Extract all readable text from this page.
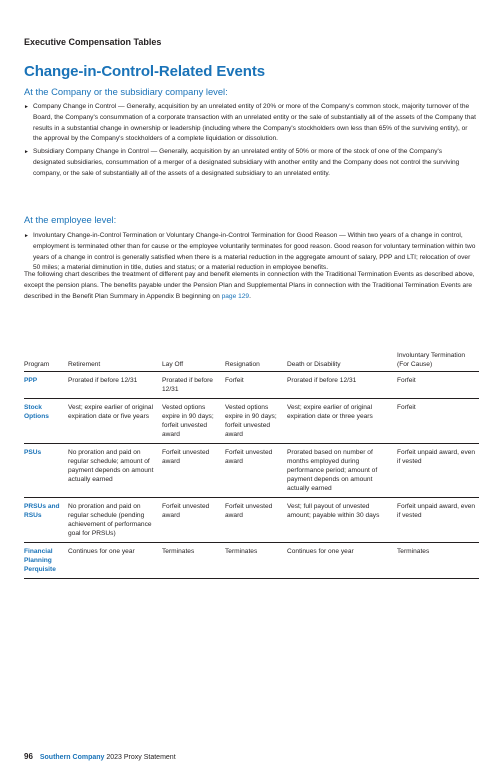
Executive Compensation Tables
Change-in-Control-Related Events
At the Company or the subsidiary company level:
► Company Change in Control — Generally, acquisition by an unrelated entity of 20% or more of the Company's common stock, majority turnover of the Board, the Company's consummation of a corporate transaction with an unrelated entity or the sale of substantially all of the assets of the Company that results in a substantial change in ownership or leadership (including where the Company's stockholders own less than 65% of the surviving entity), or the approval by the Company's stockholders of a complete liquidation or dissolution.
► Subsidiary Company Change in Control — Generally, acquisition by an unrelated entity of 50% or more of the stock of one of the Company's designated subsidiaries, consummation of a merger of a designated subsidiary with another entity and the Company does not control the surviving company, or the sale of substantially all of the assets of a designated subsidiary to an unrelated entity.
At the employee level:
► Involuntary Change-in-Control Termination or Voluntary Change-in-Control Termination for Good Reason — Within two years of a change in control, employment is terminated other than for cause or the employee voluntarily terminates for good reason. Good reason for voluntary termination within two years of a change in control is generally satisfied when there is a material reduction in the aggregate amount of salary, PPP and LTI; relocation of over 50 miles; a material diminution in title, duties and status; or a material reduction in employee benefits.
The following chart describes the treatment of different pay and benefit elements in connection with the Traditional Termination Events as described above, except the pension plans. The benefits payable under the Pension Plan and Supplemental Plans in connection with the Traditional Termination Events are described in the Benefit Plan Summary in Appendix B beginning on page 129.
Program	Retirement	Lay Off	Resignation	Death or Disability	Involuntary Termination (For Cause)
PPP	Prorated if before 12/31	Prorated if before 12/31	Forfeit	Prorated if before 12/31	Forfeit
Stock Options	Vest; expire earlier of original expiration date or five years	Vested options expire in 90 days; forfeit unvested award	Vested options expire in 90 days; forfeit unvested award	Vest; expire earlier of original expiration date or three years	Forfeit
PSUs	No proration and paid on regular schedule; amount of payment depends on amount actually earned	Forfeit unvested award	Forfeit unvested award	Prorated based on number of months employed during performance period; amount of payment depends on amount actually earned	Forfeit unpaid award, even if vested
PRSUs and RSUs	No proration and paid on regular schedule (pending achievement of performance goal for PRSUs)	Forfeit unvested award	Forfeit unvested award	Vest; full payout of unvested amount; payable within 30 days	Forfeit unpaid award, even if vested
Financial Planning Perquisite	Continues for one year	Terminates	Terminates	Continues for one year	Terminates
96 Southern Company 2023 Proxy Statement
